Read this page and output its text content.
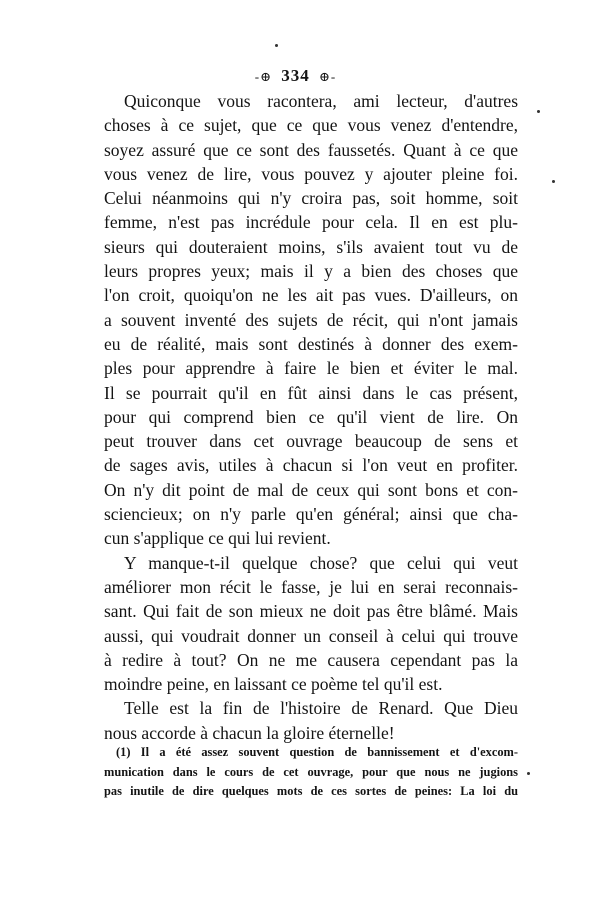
-⊕ 334 ⊕-
Quiconque vous racontera, ami lecteur, d'autres
choses à ce sujet, que ce que vous venez d'entendre,
soyez assuré que ce sont des faussetés. Quant à ce que
vous venez de lire, vous pouvez y ajouter pleine foi.
Celui néanmoins qui n'y croira pas, soit homme, soit
femme, n'est pas incrédule pour cela. Il en est plu-
sieurs qui douteraient moins, s'ils avaient tout vu de
leurs propres yeux; mais il y a bien des choses que
l'on croit, quoiqu'on ne les ait pas vues. D'ailleurs, on
a souvent inventé des sujets de récit, qui n'ont jamais
eu de réalité, mais sont destinés à donner des exem-
ples pour apprendre à faire le bien et éviter le mal.
Il se pourrait qu'il en fût ainsi dans le cas présent,
pour qui comprend bien ce qu'il vient de lire. On
peut trouver dans cet ouvrage beaucoup de sens et
de sages avis, utiles à chacun si l'on veut en profiter.
On n'y dit point de mal de ceux qui sont bons et con-
sciencieux; on n'y parle qu'en général; ainsi que cha-
cun s'applique ce qui lui revient.
Y manque-t-il quelque chose? que celui qui veut
améliorer mon récit le fasse, je lui en serai reconnais-
sant. Qui fait de son mieux ne doit pas être blâmé. Mais
aussi, qui voudrait donner un conseil à celui qui trouve
à redire à tout? On ne me causera cependant pas la
moindre peine, en laissant ce poème tel qu'il est.
Telle est la fin de l'histoire de Renard. Que Dieu
nous accorde à chacun la gloire éternelle!
(1) Il a été assez souvent question de bannissement et d'excom-
munication dans le cours de cet ouvrage, pour que nous ne jugions
pas inutile de dire quelques mots de ces sortes de peines: La loi du
